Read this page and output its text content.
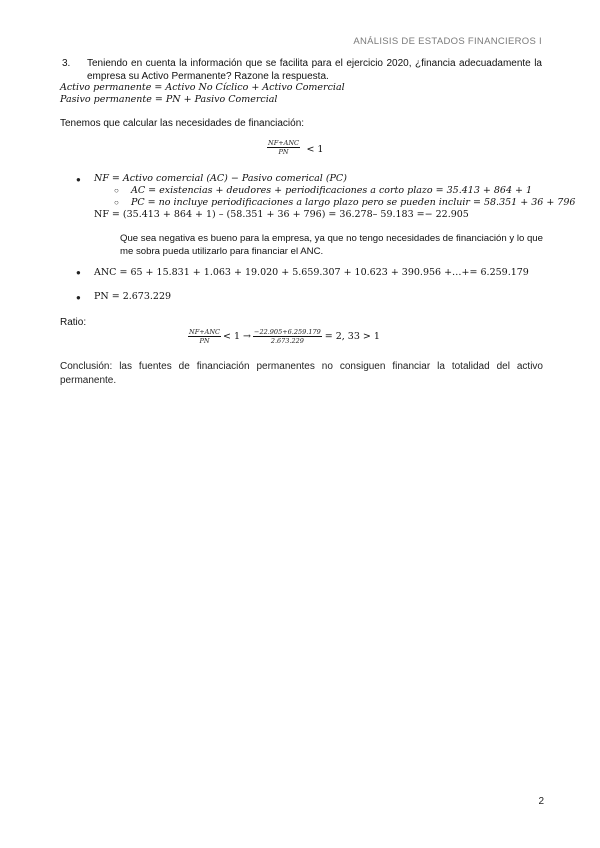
ANÁLISIS DE ESTADOS FINANCIEROS I
3. Teniendo en cuenta la información que se facilita para el ejercicio 2020, ¿financia adecuadamente la empresa su Activo Permanente? Razone la respuesta.
Activo permanente = Activo No Cíclico + Activo Comercial
Pasivo permanente = PN + Pasivo Comercial
Tenemos que calcular las necesidades de financiación:
$\frac{\text{NF+ANC}}{PN} < 1$
● NF = Activo comercial (AC) − Pasivo comerical (PC)
○ AC = existencias + deudores + periodificaciones a corto plazo = 35.413 + 864 + 1
○ PC = no incluye periodificaciones a largo plazo pero se pueden incluir = 58.351 + 36 + 796
NF = (35.413 + 864 + 1) – (58.351 + 36 + 796) = 36.278– 59.183 =− 22.905
Que sea negativa es bueno para la empresa, ya que no tengo necesidades de financiación y lo que
me sobra pueda utilizarlo para financiar el ANC.
● ANC = 65 + 15.831 + 1.063 + 19.020 + 5.659.307 + 10.623 + 390.956 +…+= 6.259.179
● PN = 2.673.229
Ratio:
$\frac{\text{NF+ANC}}{PN} < 1 \to \frac{-22.905+6.259.179}{2.673.229} = 2$, 33 > 1
Conclusión: las fuentes de financiación permanentes no consiguen financiar la totalidad del activo permanente.
2
